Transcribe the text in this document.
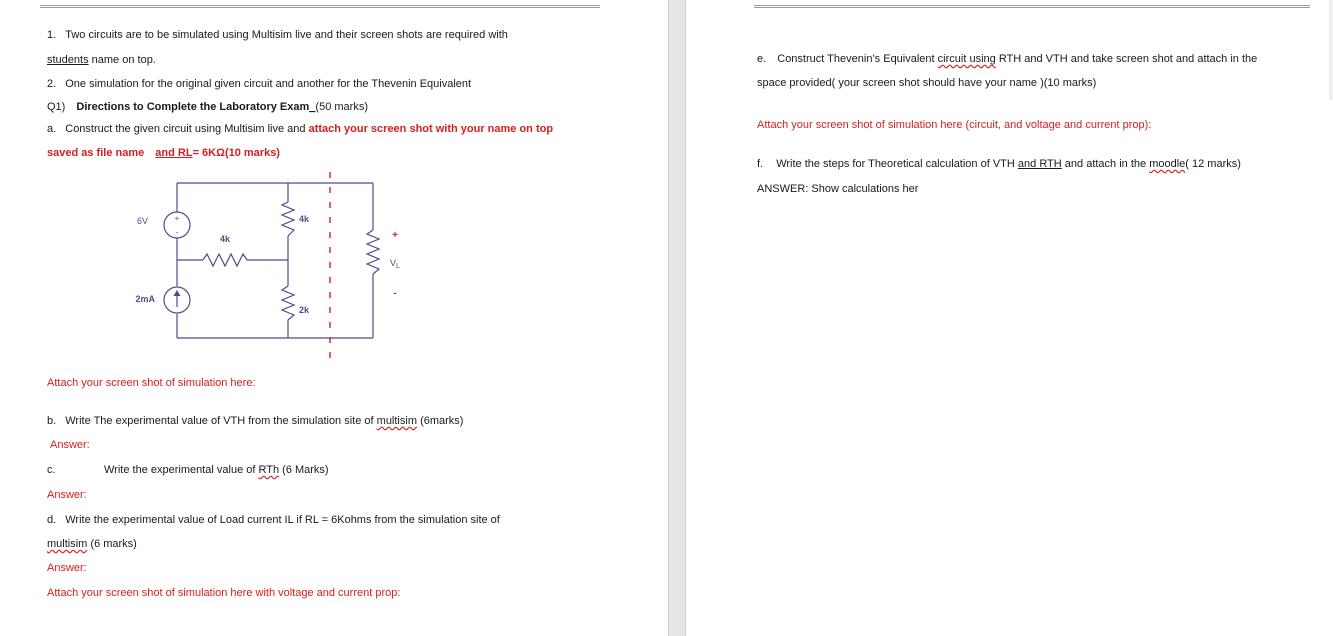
1. Two circuits are to be simulated using Multisim live and their screen shots are required with
students name on top.
2. One simulation for the original given circuit and another for the Thevenin Equivalent
Q1) Directions to Complete the Laboratory Exam_(50 marks)
a. Construct the given circuit using Multisim live and attach your screen shot with your name on top
saved as file name and RL= 6KΩ(10 marks)
+
-
6V
2mA
4k
4k
2k
+
-
$V_L$
Attach your screen shot of simulation here:
b. Write The experimental value of VTH from the simulation site of multisim (6marks)
Answer:
c.	Write the experimental value of RTh (6 Marks)
Answer:
d. Write the experimental value of Load current IL if RL = 6Kohms from the simulation site of
multisim (6 marks)
Answer:
Attach your screen shot of simulation here with voltage and current prop:
e. Construct Thevenin’s Equivalent circuit using RTH and VTH and take screen shot and attach in the
space provided( your screen shot should have your name )(10 marks)
Attach your screen shot of simulation here (circuit, and voltage and current prop):
f. Write the steps for Theoretical calculation of VTH and RTH and attach in the moodle( 12 marks)
ANSWER: Show calculations her
